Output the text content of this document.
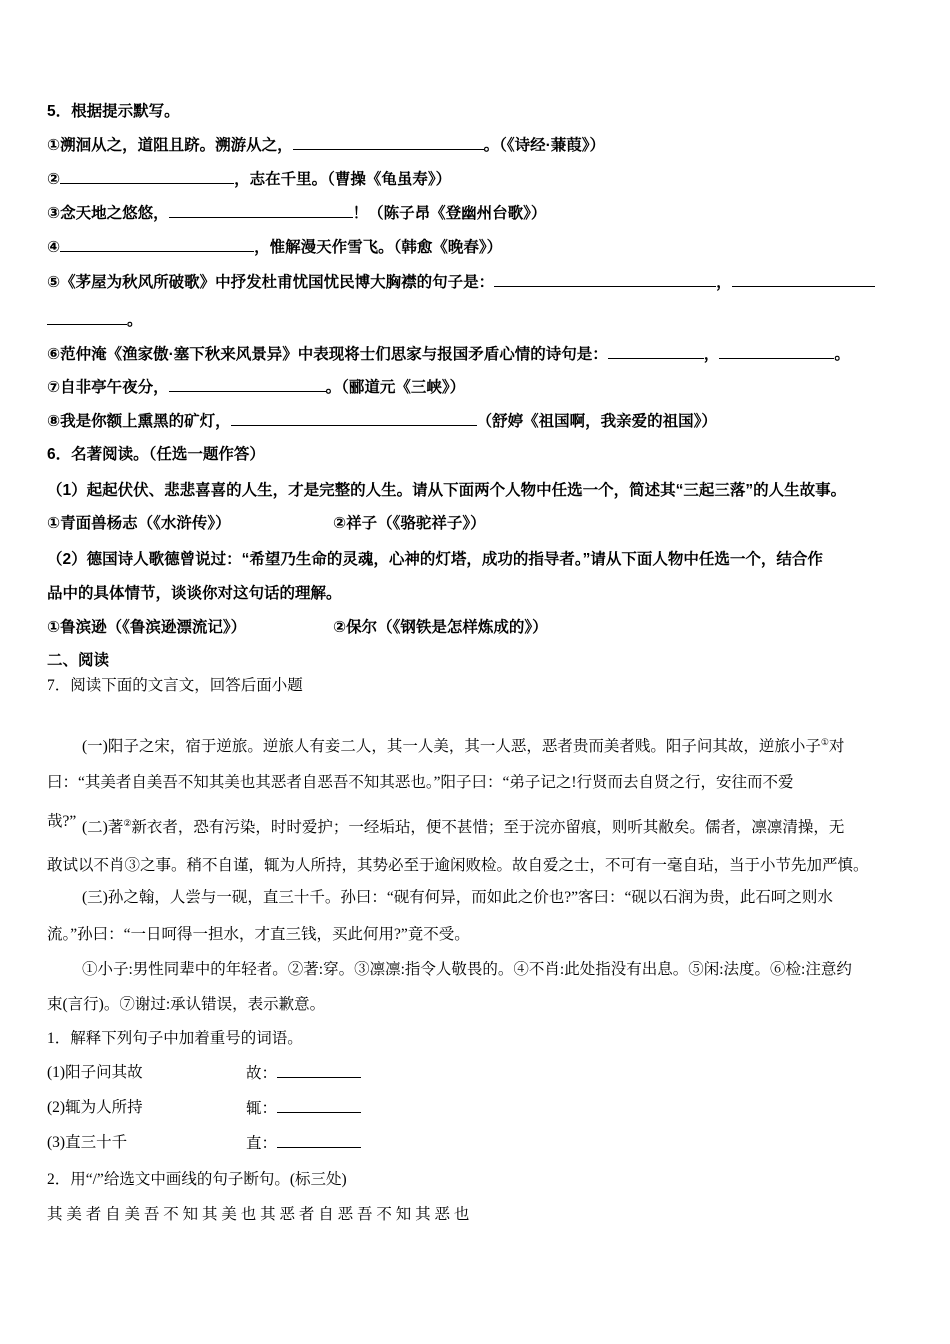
5．根据提示默写。
①溯洄从之，道阻且跻。溯游从之，	。（《诗经·蒹葭》）
②	，志在千里。（曹操《龟虽寿》）
③念天地之悠悠，	！（陈子昂《登幽州台歌》）
④	，惟解漫天作雪飞。（韩愈《晚春》）
⑤《茅屋为秋风所破歌》中抒发杜甫忧国忧民博大胸襟的句子是：	，
。
⑥范仲淹《渔家傲·塞下秋来风景异》中表现将士们思家与报国矛盾心情的诗句是：	，	。
⑦自非亭午夜分，	。（郦道元《三峡》）
⑧我是你额上熏黑的矿灯，	（舒婷《祖国啊，我亲爱的祖国》）
6．名著阅读。（任选一题作答）
（1）起起伏伏、悲悲喜喜的人生，才是完整的人生。请从下面两个人物中任选一个，简述其“三起三落”的人生故事。
①青面兽杨志（《水浒传》）	②祥子（《骆驼祥子》）
（2）德国诗人歌德曾说过：“希望乃生命的灵魂，心神的灯塔，成功的指导者。”请从下面人物中任选一个，结合作
品中的具体情节，谈谈你对这句话的理解。
①鲁滨逊（《鲁滨逊漂流记》）	②保尔（《钢铁是怎样炼成的》）
二、阅读
7．阅读下面的文言文，回答后面小题
(一)阳子之宋，宿于逆旅。逆旅人有妾二人，其一人美，其一人恶，恶者贵而美者贱。阳子问其故，逆旅小子①对
曰：“其美者自美吾不知其美也其恶者自恶吾不知其恶也。”阳子曰：“弟子记之!行贤而去自贤之行，安往而不爱
哉?” (二)著②新衣者，恐有污染，时时爱护；一经垢玷，便不甚惜；至于浣亦留痕，则听其敝矣。儒者，凛凛清操，无
敢试以不肖③之事。稍不自谨，辄为人所持，其势必至于逾闲败检。故自爱之士，不可有一毫自玷，当于小节先加严慎。
(三)孙之翰，人尝与一砚，直三十千。孙曰：“砚有何异，而如此之价也?”客曰：“砚以石润为贵，此石呵之则水
流。”孙曰：“一日呵得一担水，才直三钱，买此何用?”竟不受。
①小子:男性同辈中的年轻者。②著:穿。③凛凛:指令人敬畏的。④不肖:此处指没有出息。⑤闲:法度。⑥检:注意约
束(言行)。⑦谢过:承认错误，表示歉意。
1．解释下列句子中加着重号的词语。
(1)阳子问其故	故：
(2)辄为人所持	辄：
(3)直三十千	直：
2．用“/”给选文中画线的句子断句。(标三处)
其 美 者 自 美 吾 不 知 其 美 也 其 恶 者 自 恶 吾 不 知 其 恶 也
